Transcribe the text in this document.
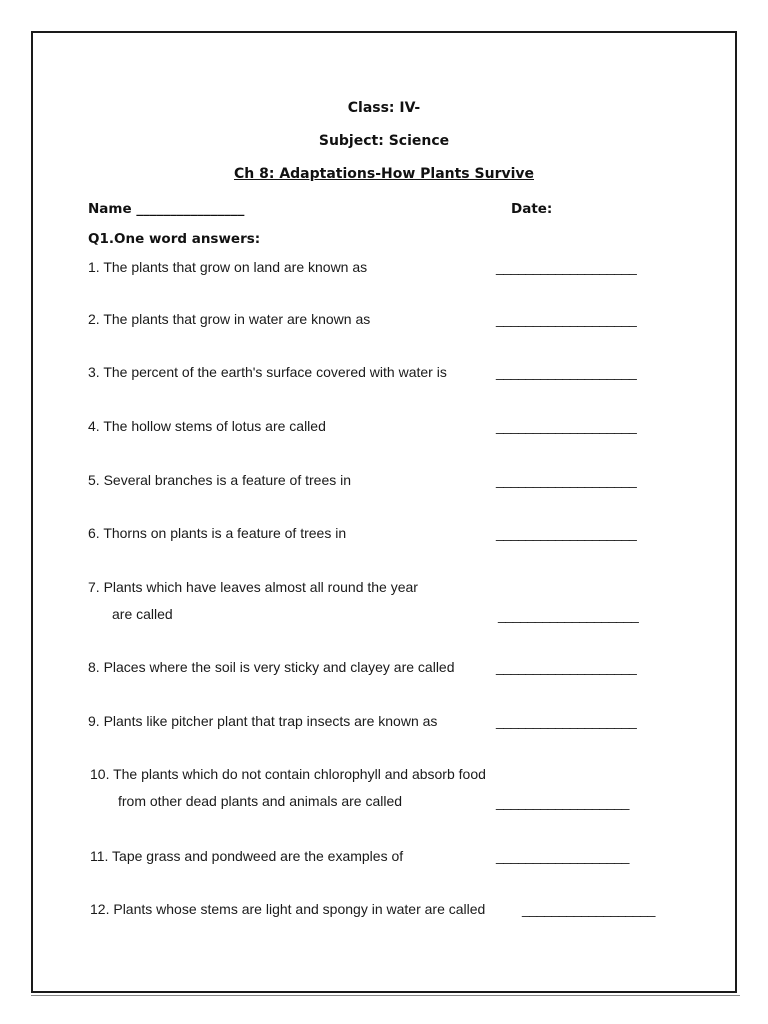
Class: IV-
Subject: Science
Ch 8: Adaptations-How Plants Survive
Name ________________	Date:
Q1.One word answers:
1. The plants that grow on land are known as	___________________
2. The plants that grow in water are known as	___________________
3. The percent of the earth's surface covered with water is	___________________
4. The hollow stems of lotus are called	___________________
5. Several branches is a feature of trees in	___________________
6. Thorns on plants is a feature of trees in	___________________
7. Plants which have leaves almost all round the year
are called	___________________
8. Places where the soil is very sticky and clayey are called	___________________
9. Plants like pitcher plant that trap insects are known as	___________________
10. The plants which do not contain chlorophyll and absorb food
from other dead plants and animals are called	__________________
11. Tape grass and pondweed are the examples of	__________________
12. Plants whose stems are light and spongy in water are called	__________________
